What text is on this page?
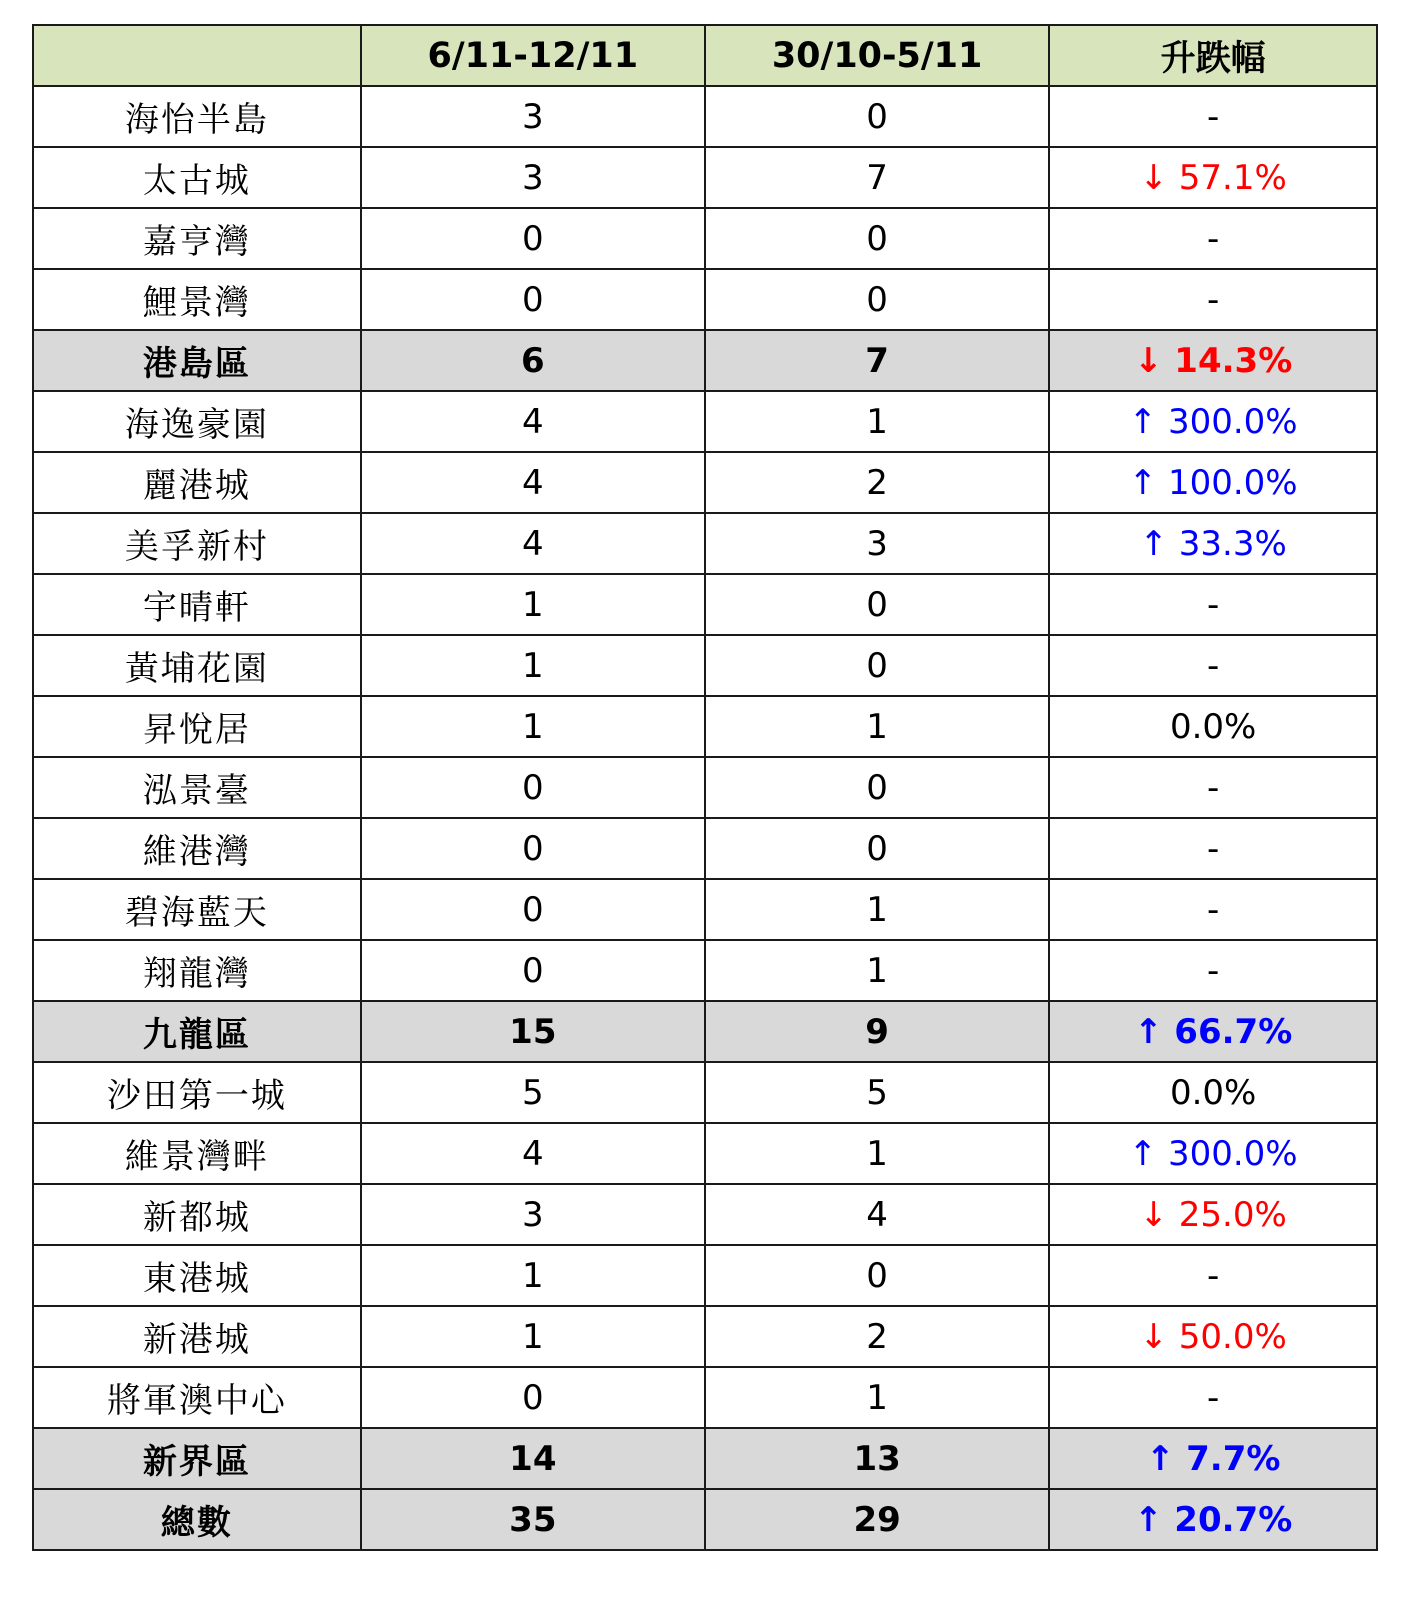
	6/11-12/11	30/10-5/11	升跌幅
海怡半島	3	0	-
太古城	3	7	↓ 57.1%
嘉亨灣	0	0	-
鯉景灣	0	0	-
港島區	6	7	↓ 14.3%
海逸豪園	4	1	↑ 300.0%
麗港城	4	2	↑ 100.0%
美孚新村	4	3	↑ 33.3%
宇晴軒	1	0	-
黃埔花園	1	0	-
昇悅居	1	1	0.0%
泓景臺	0	0	-
維港灣	0	0	-
碧海藍天	0	1	-
翔龍灣	0	1	-
九龍區	15	9	↑ 66.7%
沙田第一城	5	5	0.0%
維景灣畔	4	1	↑ 300.0%
新都城	3	4	↓ 25.0%
東港城	1	0	-
新港城	1	2	↓ 50.0%
將軍澳中心	0	1	-
新界區	14	13	↑ 7.7%
總數	35	29	↑ 20.7%
